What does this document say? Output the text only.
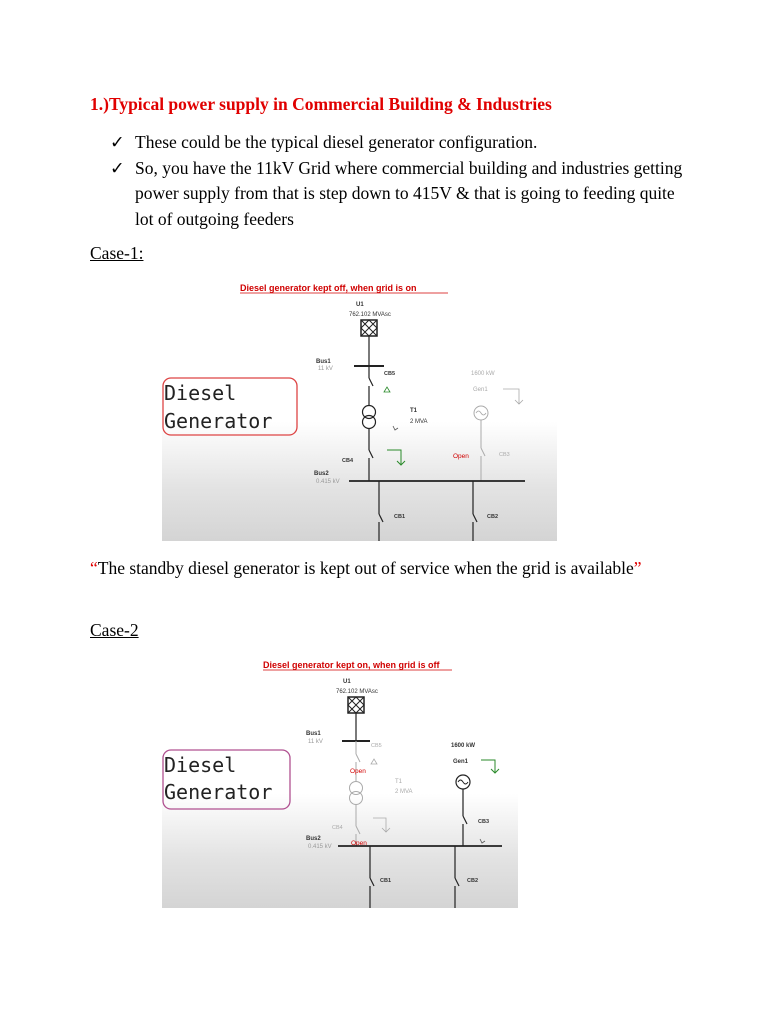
1.)Typical power supply in Commercial Building & Industries
✓ These could be the typical diesel generator configuration.
✓ So, you have the 11kV Grid where commercial building and industries getting power supply from that is step down to 415V & that is going to feeding quite lot of outgoing feeders
Case-1:
Diesel generator kept off, when grid is on
U1
762.102 MVAsc
Bus1
11 kV
CB5
T1
2 MVA
CB4
1600 kW
Gen1
Open	CB3
Bus2
0.415 kV
CB1	CB2
Diesel
Generator
“The standby diesel generator is kept out of service when the grid is available”
Case-2
Diesel generator kept on, when grid is off
U1
762.102 MVAsc
Bus1
11 kV
CB5
Open
T1
2 MVA
CB4
Open
1600 kW
Gen1
CB3
Bus2
0.415 kV
CB1	CB2
Diesel
Generator
